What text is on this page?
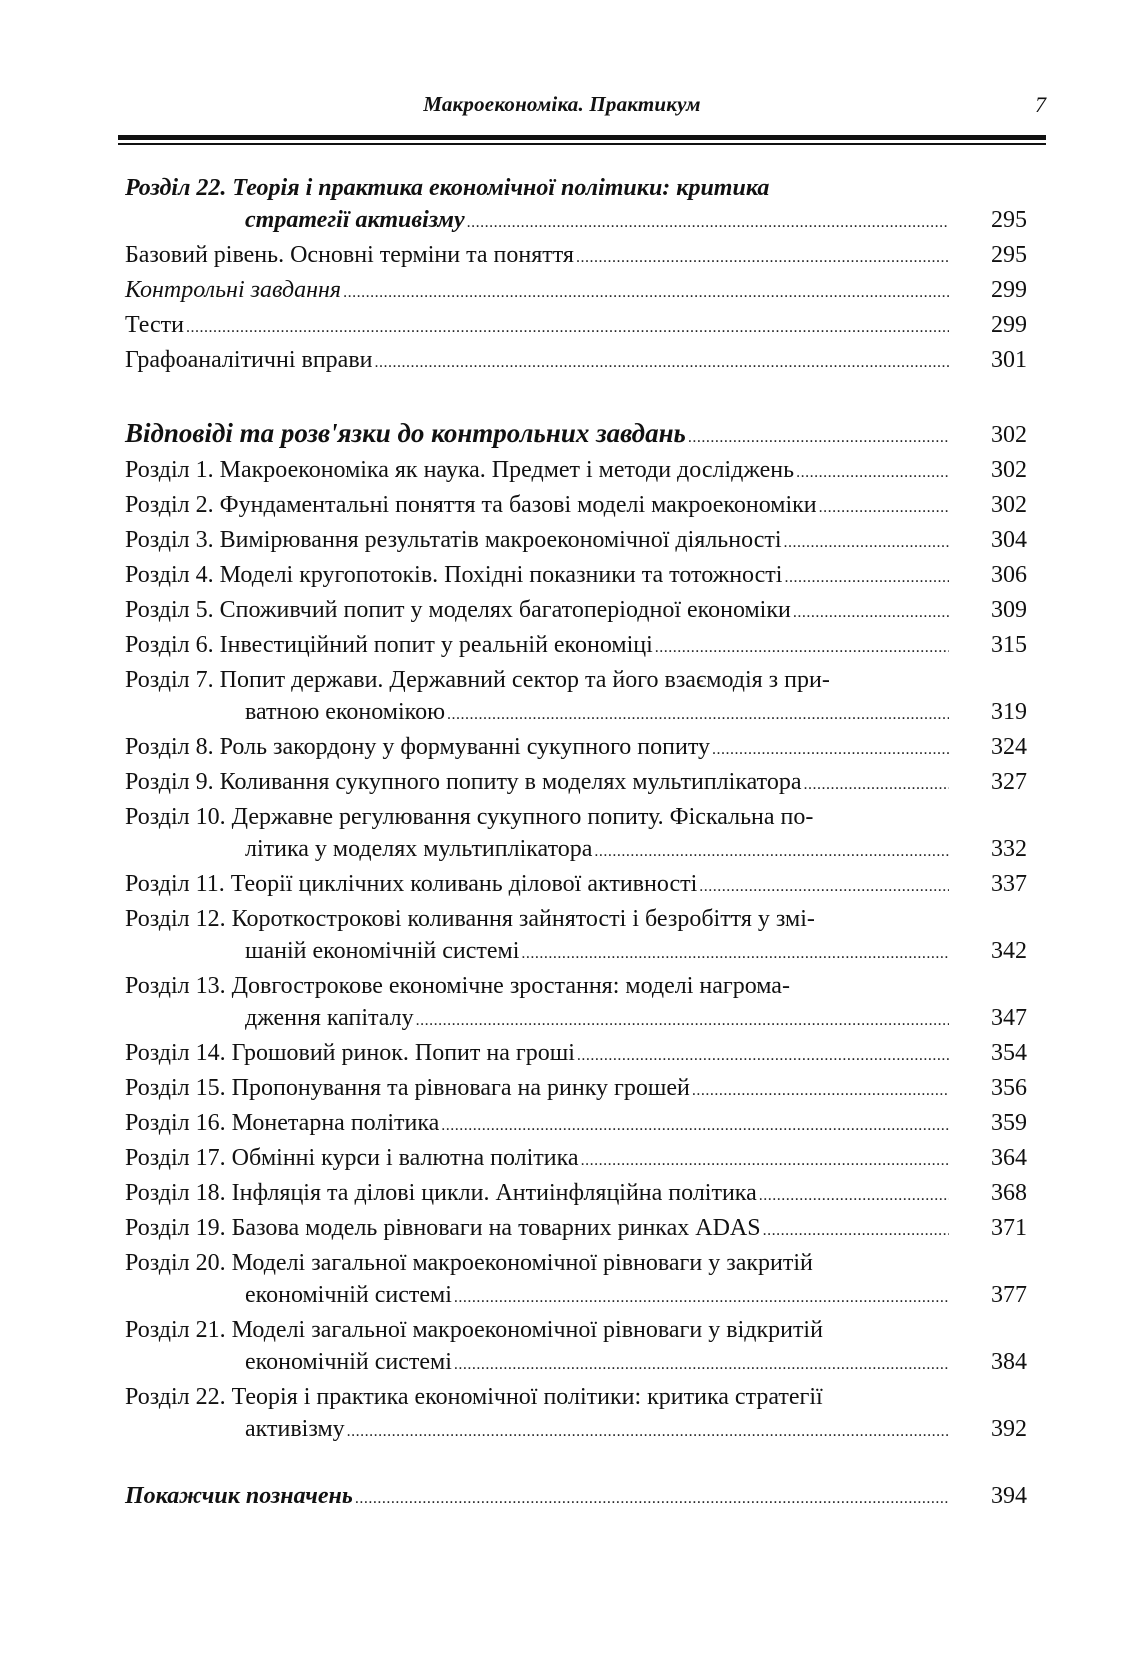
Макроекономіка. Практикум	7
Розділ 22. Теорія і практика економічної політики: критика
стратегії активізму .....	295
Базовий рівень. Основні терміни та поняття .....	295
Контрольні завдання .....	299
Тести .....	299
Графоаналітичні вправи .....	301
Відповіді та розв'язки до контрольних завдань .....	302
Розділ 1. Макроекономіка як наука. Предмет і методи досліджень .....	302
Розділ 2. Фундаментальні поняття та базові моделі макроекономіки .....	302
Розділ 3. Вимірювання результатів макроекономічної діяльності .....	304
Розділ 4. Моделі кругопотоків. Похідні показники та тотожності .....	306
Розділ 5. Споживчий попит у моделях багатоперіодної економіки .....	309
Розділ 6. Інвестиційний попит у реальній економіці .....	315
Розділ 7. Попит держави. Державний сектор та його взаємодія з при-
ватною економікою .....	319
Розділ 8. Роль закордону у формуванні сукупного попиту .....	324
Розділ 9. Коливання сукупного попиту в моделях мультиплікатора .....	327
Розділ 10. Державне регулювання сукупного попиту. Фіскальна по-
літика у моделях мультиплікатора .....	332
Розділ 11. Теорії циклічних коливань ділової активності .....	337
Розділ 12. Короткострокові коливання зайнятості і безробіття у змі-
шаній економічній системі .....	342
Розділ 13. Довгострокове економічне зростання: моделі нагрома-
дження капіталу .....	347
Розділ 14. Грошовий ринок. Попит на гроші .....	354
Розділ 15. Пропонування та рівновага на ринку грошей .....	356
Розділ 16. Монетарна політика .....	359
Розділ 17. Обмінні курси і валютна політика .....	364
Розділ 18. Інфляція та ділові цикли. Антиінфляційна політика .....	368
Розділ 19. Базова модель рівноваги на товарних ринках ADAS .....	371
Розділ 20. Моделі загальної макроекономічної рівноваги у закритій
економічній системі .....	377
Розділ 21. Моделі загальної макроекономічної рівноваги у відкритій
економічній системі .....	384
Розділ 22. Теорія і практика економічної політики: критика стратегії
активізму .....	392
Покажчик позначень .....	394
